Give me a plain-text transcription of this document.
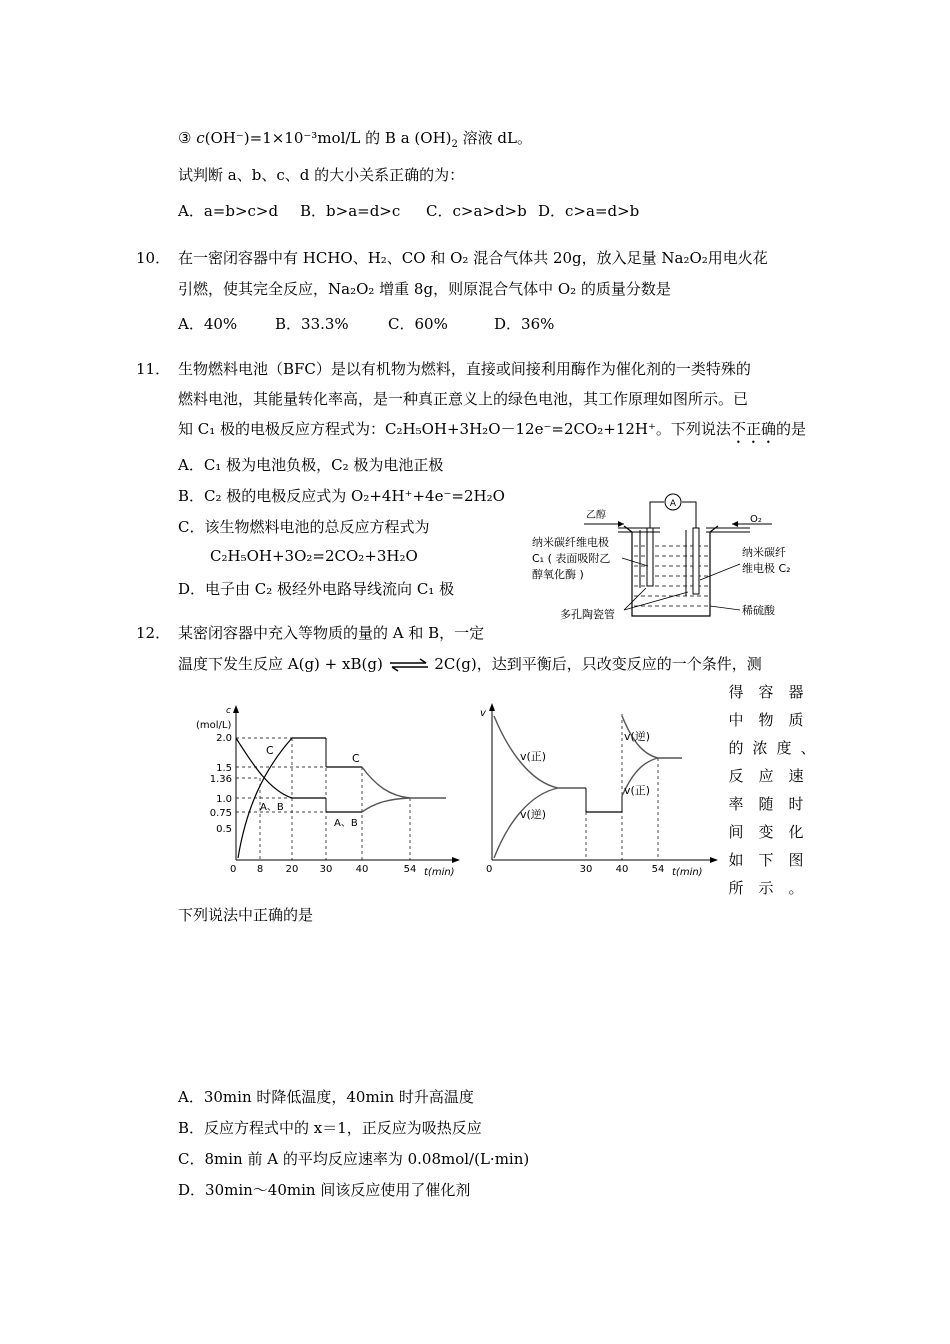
③ c(OH⁻)=1×10⁻³mol/L 的 B a $(OH)_2$ 溶液 dL。
试判断 a、b、c、d 的大小关系正确的为：
A．a=b>c>d B．b>a=d>c C．c>a>d>b D．c>a=d>b
10． 在一密闭容器中有 HCHO、H₂、CO 和 O₂ 混合气体共 20g，放入足量 Na₂O₂用电火花
引燃，使其完全反应，Na₂O₂ 增重 8g，则原混合气体中 O₂ 的质量分数是
A．40%	B．33.3%	C．60%	D．36%
11． 生物燃料电池（BFC）是以有机物为燃料，直接或间接利用酶作为催化剂的一类特殊的
燃料电池，其能量转化率高，是一种真正意义上的绿色电池，其工作原理如图所示。已
知 C₁ 极的电极反应方程式为：C₂H₅OH+3H₂O－12e⁻=2CO₂+12H⁺。下列说法不正确的是
A．C₁ 极为电池负极，C₂ 极为电池正极
B．C₂ 极的电极反应式为 O₂+4H⁺+4e⁻=2H₂O
C．该生物燃料电池的总反应方程式为
C₂H₅OH+3O₂=2CO₂+3H₂O
D．电子由 C₂ 极经外电路导线流向 C₁ 极
A
乙醇	O₂
纳米碳纤维电极
C₁ ( 表面吸附乙
醇氧化酶 )
纳米碳纤
维电极 C₂
多孔陶瓷管	稀硫酸
12． 某密闭容器中充入等物质的量的 A 和 B，一定
温度下发生反应 A(g) + xB(g) ⇌ 2C(g)，达到平衡后，只改变反应的一个条件，测
c
(mol/L)
2.0
1.5
1.36
1.0
0.75
0.5
0 8 20 30 40	54 t(min)
C
A、B
C
A、B
v
0	30 40 54 t(min)
v(正)
v(逆)
v(逆)
v(正)
下列说法中正确的是
A．30min 时降低温度，40min 时升高温度
B．反应方程式中的 x＝1，正反应为吸热反应
C．8min 前 A 的平均反应速率为 0.08mol/(L·min)
D．30min～40min 间该反应使用了催化剂
得 容 器
中 物 质
的 浓 度 、
反 应 速
率 随 时
间 变 化
如 下 图
所 示 。
